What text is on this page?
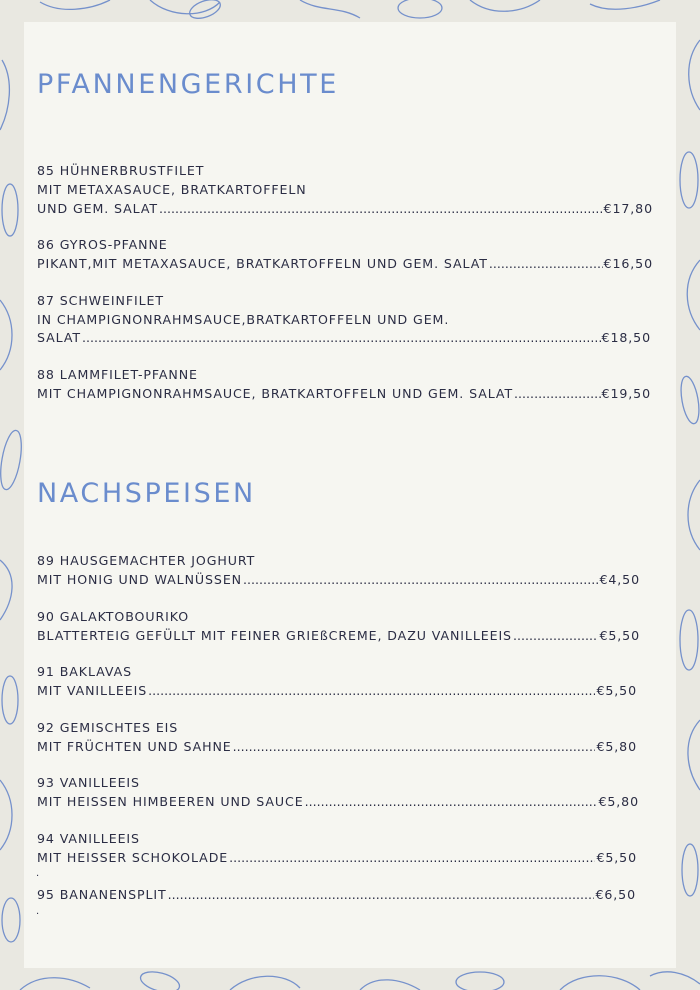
PFANNENGERICHTE
85 HÜHNERBRUSTFILET
MIT METAXASAUCE, BRATKARTOFFELN
UND GEM. SALAT .....	€17,80
86 GYROS-PFANNE
PIKANT,MIT METAXASAUCE, BRATKARTOFFELN UND GEM. SALAT .....	€16,50
87 SCHWEINFILET
IN CHAMPIGNONRAHMSAUCE,BRATKARTOFFELN UND GEM.
SALAT .....	€18,50
88 LAMMFILET-PFANNE
MIT CHAMPIGNONRAHMSAUCE, BRATKARTOFFELN UND GEM. SALAT .....	€19,50
NACHSPEISEN
89 HAUSGEMACHTER JOGHURT
MIT HONIG UND WALNÜSSEN .....	€4,50
90 GALAKTOBOURIKO
BLATTERTEIG GEFÜLLT MIT FEINER GRIEßCREME, DAZU VANILLEEIS .....	€5,50
91 BAKLAVAS
MIT VANILLEEIS .....	€5,50
92 GEMISCHTES EIS
MIT FRÜCHTEN UND SAHNE .....	€5,80
93 VANILLEEIS
MIT HEISSEN HIMBEEREN UND SAUCE .....	€5,80
94 VANILLEEIS
MIT HEISSER SCHOKOLADE .....	€5,50
.
95 BANANENSPLIT .....	€6,50
.
